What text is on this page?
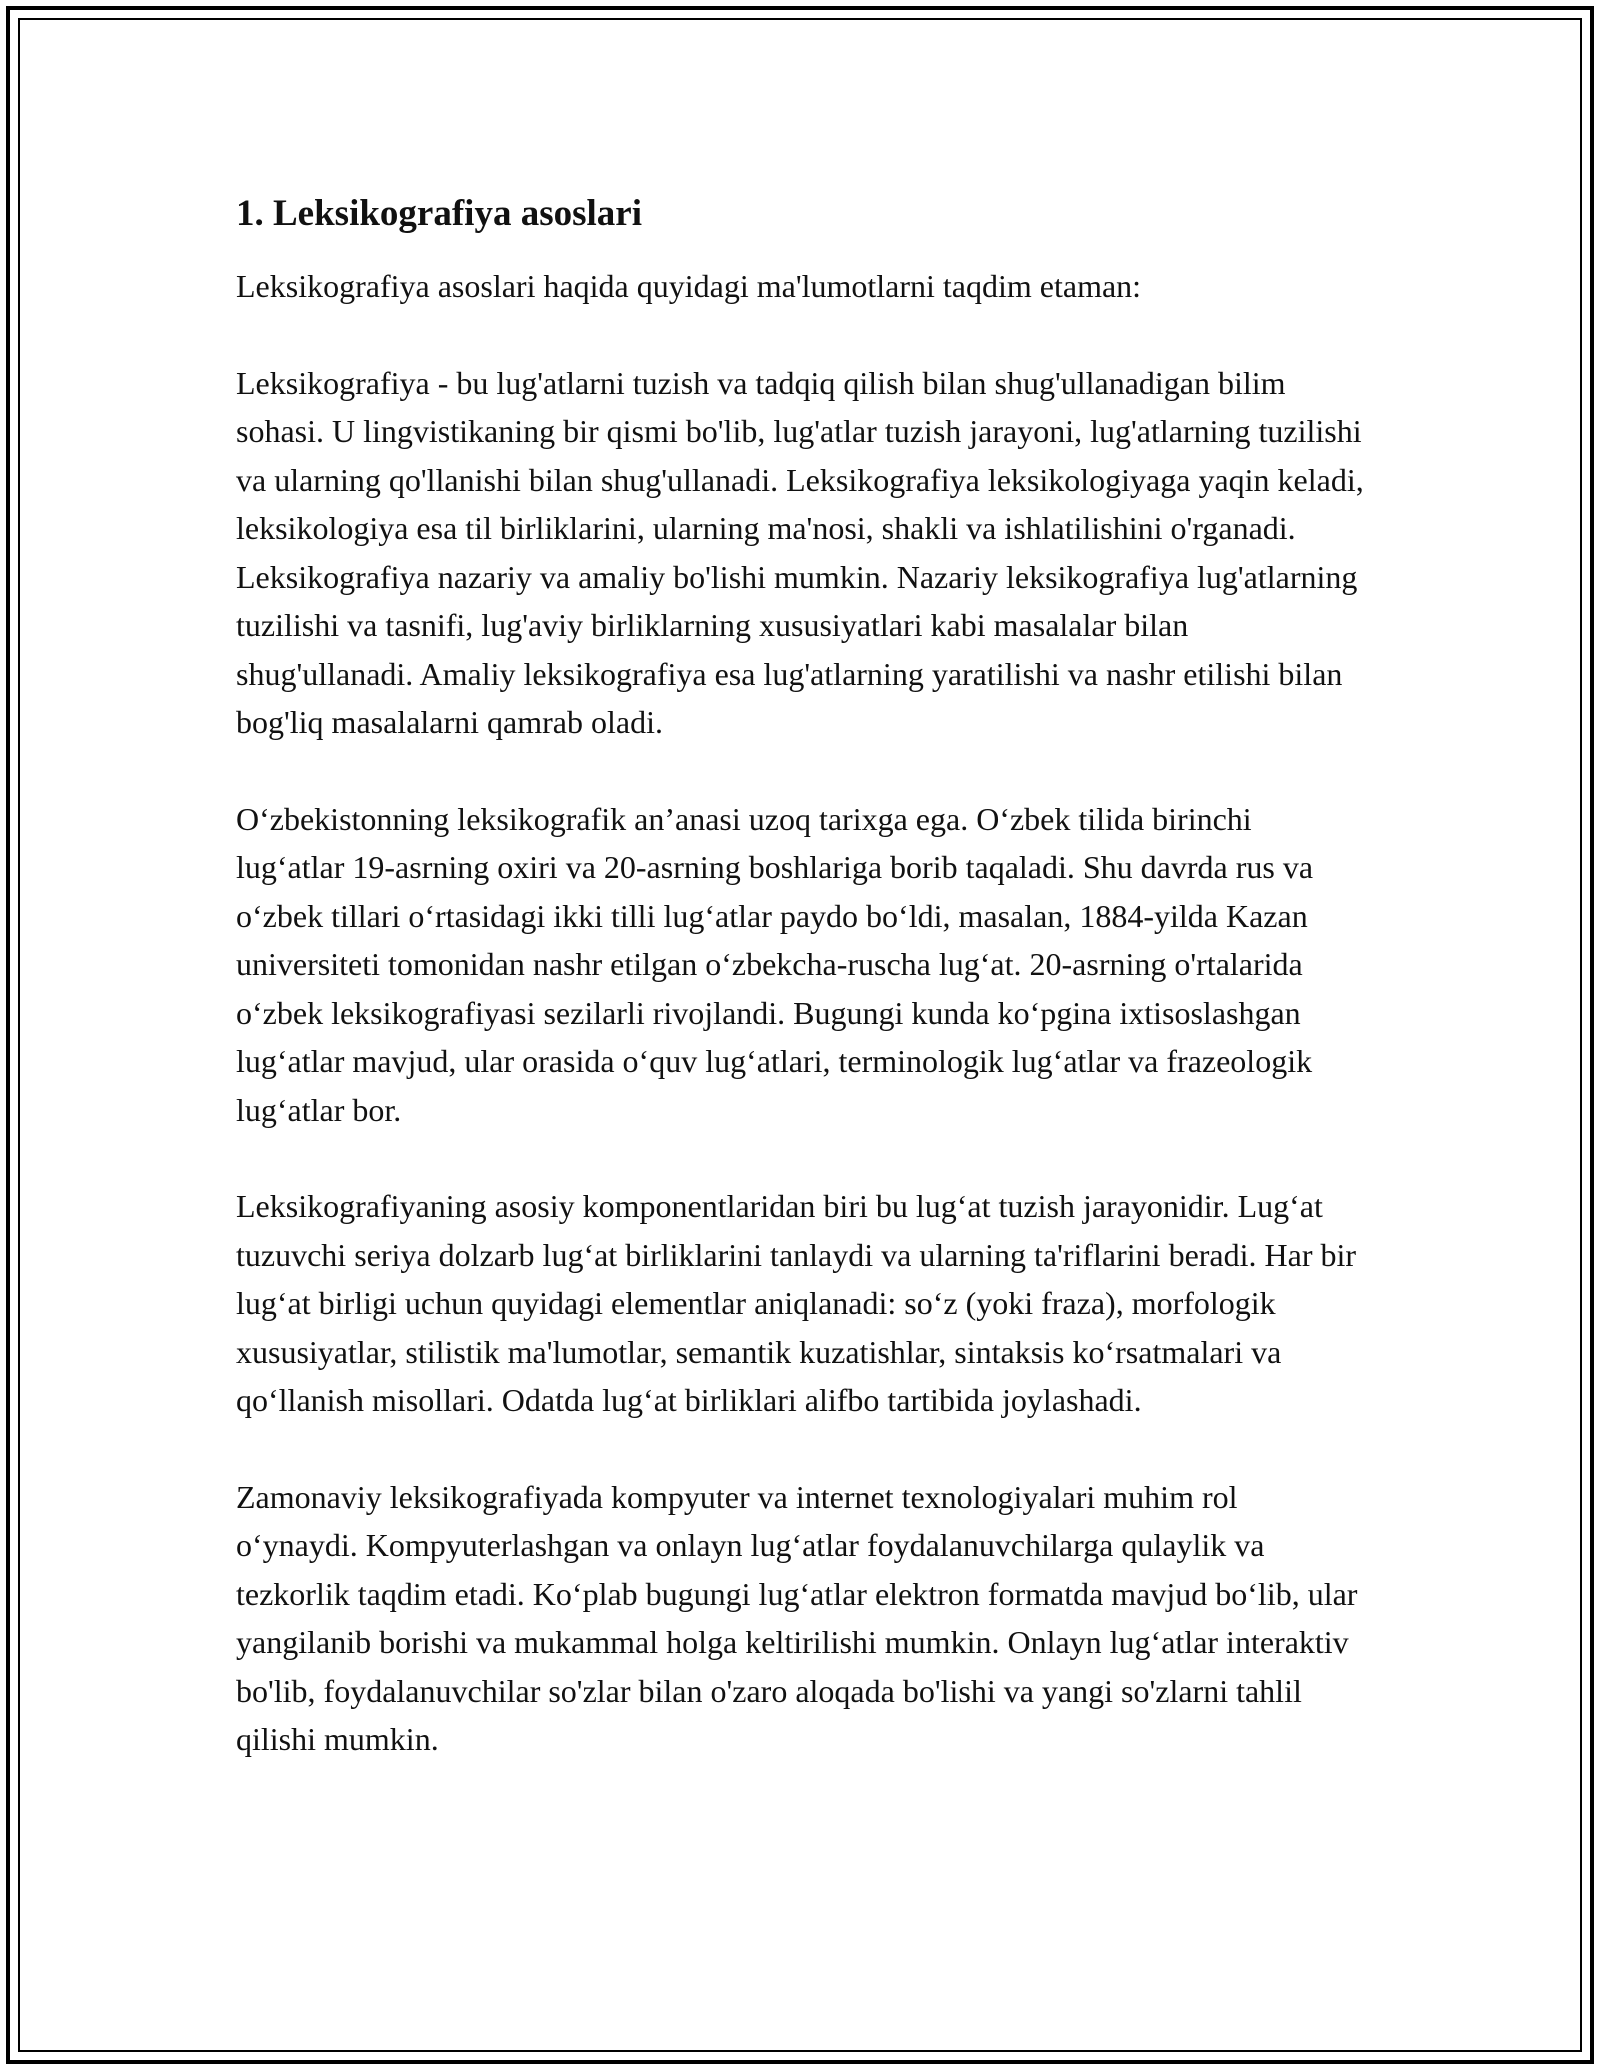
1. Leksikografiya asoslari

Leksikografiya asoslari haqida quyidagi ma'lumotlarni taqdim etaman:

Leksikografiya - bu lug'atlarni tuzish va tadqiq qilish bilan shug'ullanadigan bilim sohasi. U lingvistikaning bir qismi bo'lib, lug'atlar tuzish jarayoni, lug'atlarning tuzilishi va ularning qo'llanishi bilan shug'ullanadi. Leksikografiya leksikologiyaga yaqin keladi, leksikologiya esa til birliklarini, ularning ma'nosi, shakli va ishlatilishini o'rganadi. Leksikografiya nazariy va amaliy bo'lishi mumkin. Nazariy leksikografiya lug'atlarning tuzilishi va tasnifi, lug'aviy birliklarning xususiyatlari kabi masalalar bilan shug'ullanadi. Amaliy leksikografiya esa lug'atlarning yaratilishi va nashr etilishi bilan bog'liq masalalarni qamrab oladi.

O‘zbekistonning leksikografik an’anasi uzoq tarixga ega. O‘zbek tilida birinchi lug‘atlar 19-asrning oxiri va 20-asrning boshlariga borib taqaladi. Shu davrda rus va o‘zbek tillari o‘rtasidagi ikki tilli lug‘atlar paydo bo‘ldi, masalan, 1884-yilda Kazan universiteti tomonidan nashr etilgan o‘zbekcha-ruscha lug‘at. 20-asrning o'rtalarida o‘zbek leksikografiyasi sezilarli rivojlandi. Bugungi kunda ko‘pgina ixtisoslashgan lug‘atlar mavjud, ular orasida o‘quv lug‘atlari, terminologik lug‘atlar va frazeologik lug‘atlar bor.

Leksikografiyaning asosiy komponentlaridan biri bu lug‘at tuzish jarayonidir. Lug‘at tuzuvchi seriya dolzarb lug‘at birliklarini tanlaydi va ularning ta'riflarini beradi. Har bir lug‘at birligi uchun quyidagi elementlar aniqlanadi: so‘z (yoki fraza), morfologik xususiyatlar, stilistik ma'lumotlar, semantik kuzatishlar, sintaksis ko‘rsatmalari va qo‘llanish misollari. Odatda lug‘at birliklari alifbo tartibida joylashadi.

Zamonaviy leksikografiyada kompyuter va internet texnologiyalari muhim rol o‘ynaydi. Kompyuterlashgan va onlayn lug‘atlar foydalanuvchilarga qulaylik va tezkorlik taqdim etadi. Ko‘plab bugungi lug‘atlar elektron formatda mavjud bo‘lib, ular yangilanib borishi va mukammal holga keltirilishi mumkin. Onlayn lug‘atlar interaktiv bo'lib, foydalanuvchilar so'zlar bilan o'zaro aloqada bo'lishi va yangi so'zlarni tahlil qilishi mumkin.
